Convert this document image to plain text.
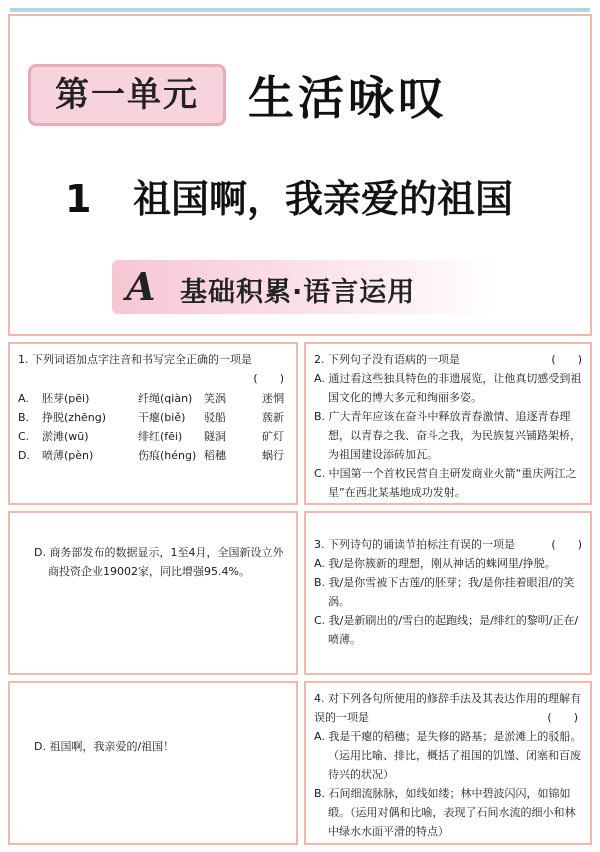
第一单元	生活咏叹
1 祖国啊，我亲爱的祖国
A 基础积累·语言运用

1. 下列词语加点字注音和书写完全正确的一项是

(　　)
A.	胚芽(pēi)	纤绳(qiàn)	笑涡	迷惘
B.	挣脱(zhēng)	干瘪(biě)	驳船	蔟新
C.	淤滩(wū)	绯红(fēi)	隧洞	矿灯
D.	喷薄(pèn)	伤痕(héng) 稻穗	蜗行

2. 下列句子没有语病的一项是	(　　)

A. 通过看这些独具特色的非遗展览，让他真切感受到祖国文化的博大多元和绚丽多姿。

B. 广大青年应该在奋斗中释放青春激情、追逐青春理想，以青春之我、奋斗之我，为民族复兴铺路架桥，为祖国建设添砖加瓦。

C. 中国第一个首枚民营自主研发商业火箭“重庆两江之星”在西北某基地成功发射。

D. 商务部发布的数据显示，1至4月，全国新设立外商投资企业19002家，同比增强95.4%。

3. 下列诗句的诵读节拍标注有误的一项是	(　　)

A. 我/是你簇新的理想，刚从神话的蛛网里/挣脱。

B. 我/是你雪被下古莲/的胚芽；我/是你挂着眼泪/的笑涡。

C. 我/是新刷出的/雪白的起跑线；是/绯红的黎明/正在/喷薄。

D. 祖国啊，我亲爱的/祖国！

4. 对下列各句所使用的修辞手法及其表达作用的理解有误的一项是	(　　)

A. 我是干瘪的稻穗；是失修的路基；是淤滩上的驳船。（运用比喻、排比，概括了祖国的饥馑、闭塞和百废待兴的状况）

B. 石间细流脉脉，如线如缕；林中碧波闪闪，如锦如缎。（运用对偶和比喻，表现了石间水流的细小和林中绿水水面平滑的特点）
